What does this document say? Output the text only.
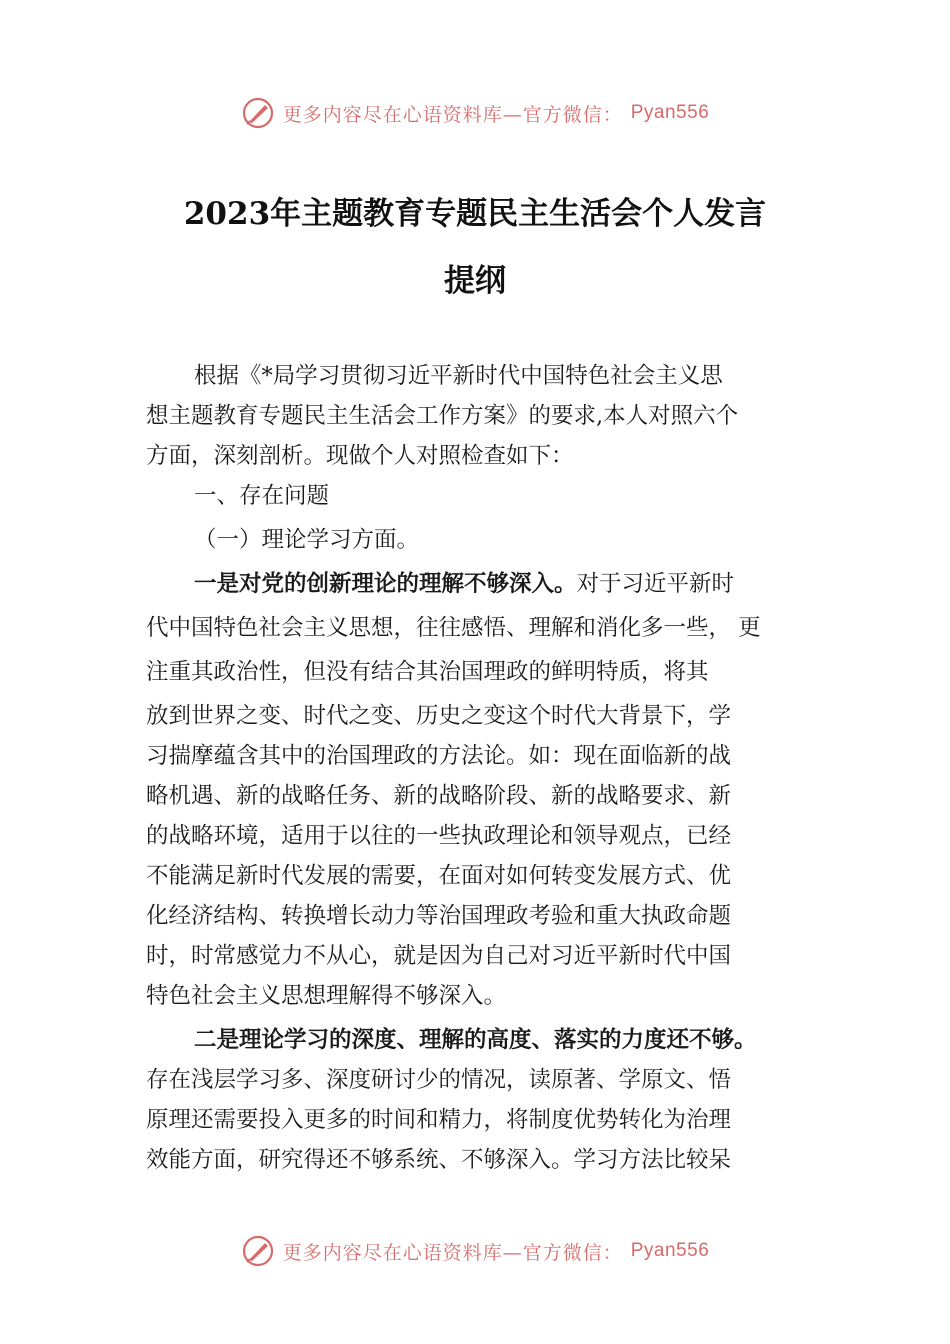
更多内容尽在心语资料库—官方微信： Pyan556
2023年主题教育专题民主生活会个人发言
提纲
根据《*局学习贯彻习近平新时代中国特色社会主义思
想主题教育专题民主生活会工作方案》的要求,本人对照六个
方面，深刻剖析。现做个人对照检查如下：
一、存在问题
（一）理论学习方面。
一是对党的创新理论的理解不够深入。对于习近平新时
代中国特色社会主义思想，往往感悟、理解和消化多一些， 更
注重其政治性，但没有结合其治国理政的鲜明特质，将其
放到世界之变、时代之变、历史之变这个时代大背景下，学
习揣摩蕴含其中的治国理政的方法论。如：现在面临新的战
略机遇、新的战略任务、新的战略阶段、新的战略要求、新
的战略环境，适用于以往的一些执政理论和领导观点，已经
不能满足新时代发展的需要，在面对如何转变发展方式、优
化经济结构、转换增长动力等治国理政考验和重大执政命题
时，时常感觉力不从心，就是因为自己对习近平新时代中国
特色社会主义思想理解得不够深入。
二是理论学习的深度、理解的高度、落实的力度还不够。
存在浅层学习多、深度研讨少的情况，读原著、学原文、悟
原理还需要投入更多的时间和精力，将制度优势转化为治理
效能方面，研究得还不够系统、不够深入。学习方法比较呆
更多内容尽在心语资料库—官方微信： Pyan556
